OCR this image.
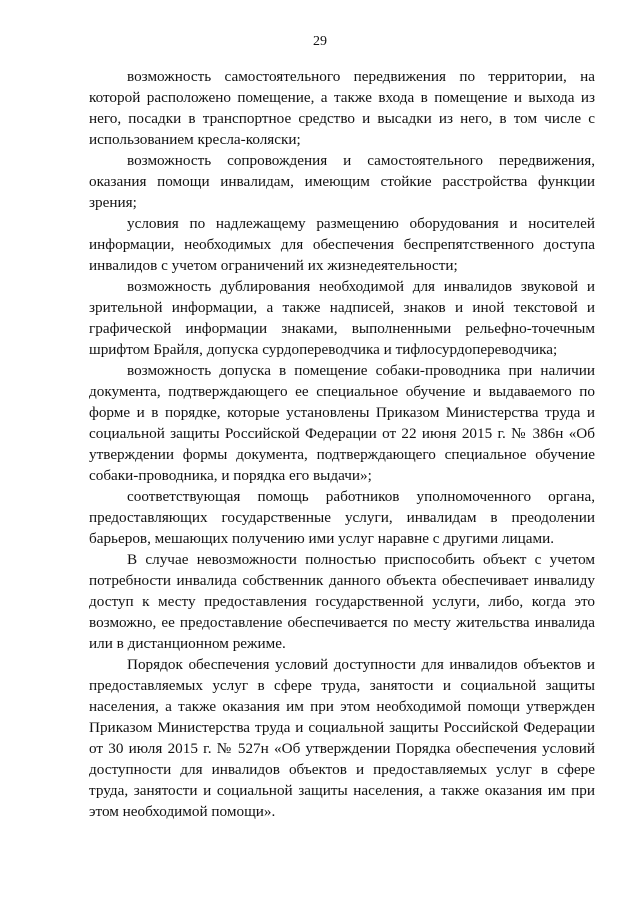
29

возможность самостоятельного передвижения по территории, на которой расположено помещение, а также входа в помещение и выхода из него, посадки в транспортное средство и высадки из него, в том числе с использованием кресла-коляски;

возможность сопровождения и самостоятельного передвижения, оказания помощи инвалидам, имеющим стойкие расстройства функции зрения;

условия по надлежащему размещению оборудования и носителей информации, необходимых для обеспечения беспрепятственного доступа инвалидов с учетом ограничений их жизнедеятельности;

возможность дублирования необходимой для инвалидов звуковой и зрительной информации, а также надписей, знаков и иной текстовой и графической информации знаками, выполненными рельефно-точечным шрифтом Брайля, допуска сурдопереводчика и тифлосурдопереводчика;

возможность допуска в помещение собаки-проводника при наличии документа, подтверждающего ее специальное обучение и выдаваемого по форме и в порядке, которые установлены Приказом Министерства труда и социальной защиты Российской Федерации от 22 июня 2015 г. № 386н «Об утверждении формы документа, подтверждающего специальное обучение собаки-проводника, и порядка его выдачи»;

соответствующая помощь работников уполномоченного органа, предоставляющих государственные услуги, инвалидам в преодолении барьеров, мешающих получению ими услуг наравне с другими лицами.

В случае невозможности полностью приспособить объект с учетом потребности инвалида собственник данного объекта обеспечивает инвалиду доступ к месту предоставления государственной услуги, либо, когда это возможно, ее предоставление обеспечивается по месту жительства инвалида или в дистанционном режиме.

Порядок обеспечения условий доступности для инвалидов объектов и предоставляемых услуг в сфере труда, занятости и социальной защиты населения, а также оказания им при этом необходимой помощи утвержден Приказом Министерства труда и социальной защиты Российской Федерации от 30 июля 2015 г. № 527н «Об утверждении Порядка обеспечения условий доступности для инвалидов объектов и предоставляемых услуг в сфере труда, занятости и социальной защиты населения, а также оказания им при этом необходимой помощи».
